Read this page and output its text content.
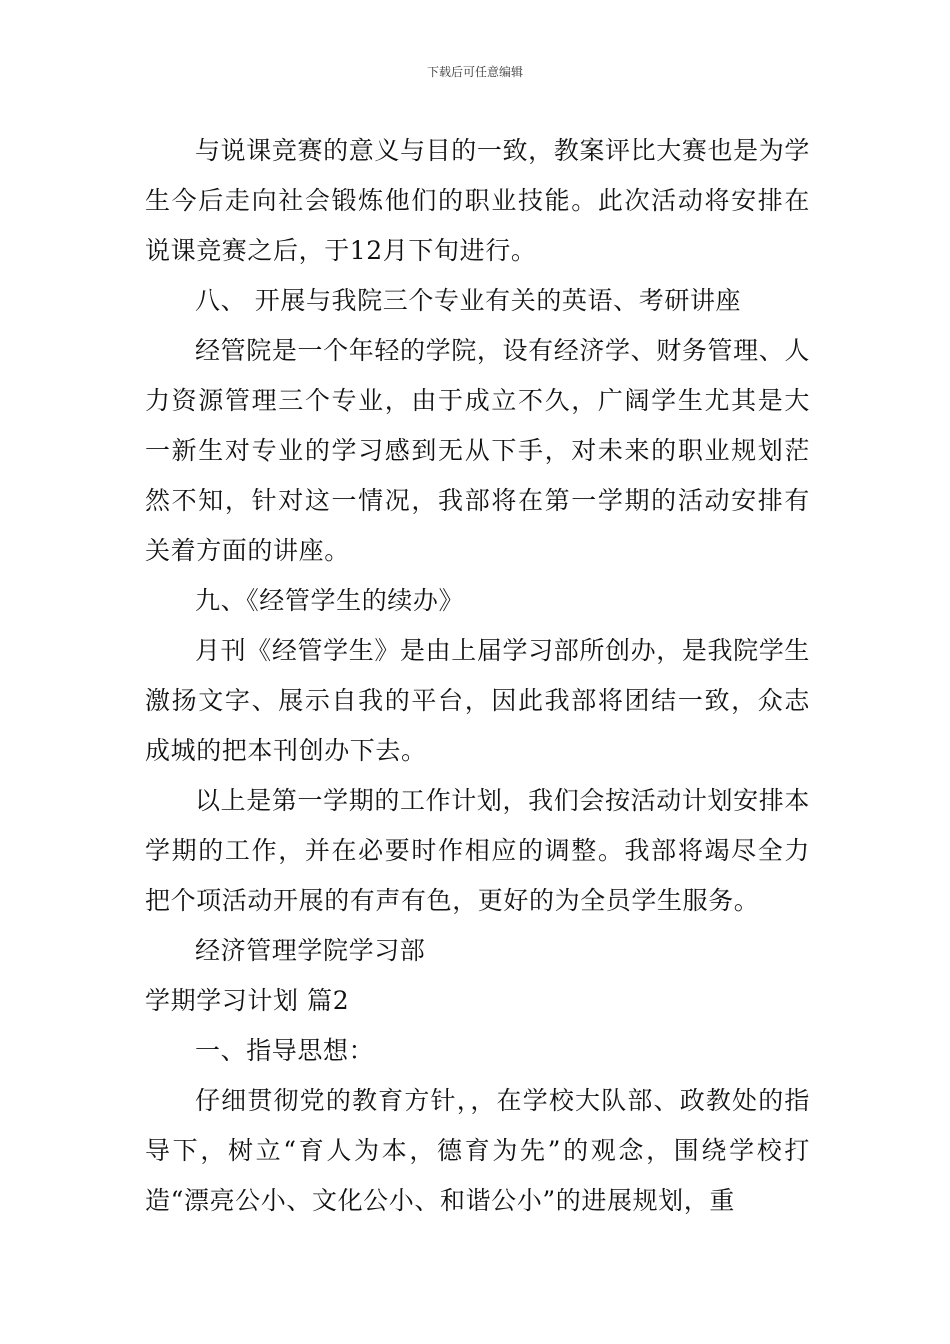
下载后可任意编辑

与说课竞赛的意义与目的一致，教案评比大赛也是为学生今后走向社会锻炼他们的职业技能。此次活动将安排在说课竞赛之后，于12月下旬进行。

八、 开展与我院三个专业有关的英语、考研讲座

经管院是一个年轻的学院，设有经济学、财务管理、人力资源管理三个专业，由于成立不久，广阔学生尤其是大一新生对专业的学习感到无从下手，对未来的职业规划茫然不知，针对这一情况，我部将在第一学期的活动安排有关着方面的讲座。

九、《经管学生的续办》

月刊《经管学生》是由上届学习部所创办，是我院学生激扬文字、展示自我的平台，因此我部将团结一致，众志成城的把本刊创办下去。

以上是第一学期的工作计划，我们会按活动计划安排本学期的工作，并在必要时作相应的调整。我部将竭尽全力把个项活动开展的有声有色，更好的为全员学生服务。

经济管理学院学习部

学期学习计划 篇2

一、指导思想：

仔细贯彻党的教育方针，，在学校大队部、政教处的指导下，树立“育人为本，德育为先”的观念，围绕学校打造“漂亮公小、文化公小、和谐公小”的进展规划，重
